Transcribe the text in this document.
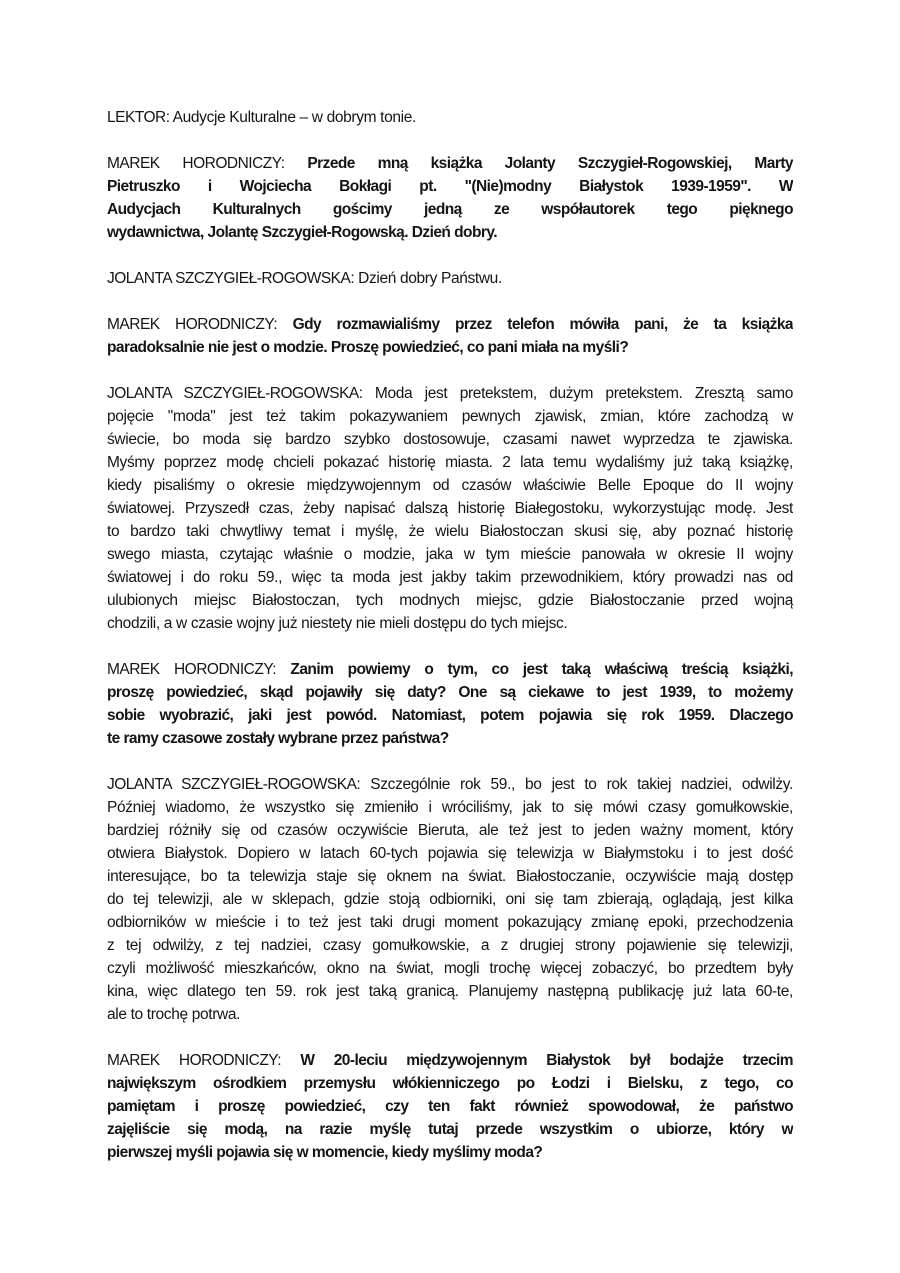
LEKTOR: Audycje Kulturalne – w dobrym tonie.
MAREK HORODNICZY: Przede mną książka Jolanty Szczygieł-Rogowskiej, Marty
Pietruszko i Wojciecha Bokłagi pt. "(Nie)modny Białystok 1939-1959". W
Audycjach Kulturalnych gościmy jedną ze współautorek tego pięknego
wydawnictwa, Jolantę Szczygieł-Rogowską. Dzień dobry.
JOLANTA SZCZYGIEŁ-ROGOWSKA: Dzień dobry Państwu.
MAREK HORODNICZY: Gdy rozmawialiśmy przez telefon mówiła pani, że ta książka
paradoksalnie nie jest o modzie. Proszę powiedzieć, co pani miała na myśli?
JOLANTA SZCZYGIEŁ-ROGOWSKA: Moda jest pretekstem, dużym pretekstem. Zresztą samo
pojęcie "moda" jest też takim pokazywaniem pewnych zjawisk, zmian, które zachodzą w
świecie, bo moda się bardzo szybko dostosowuje, czasami nawet wyprzedza te zjawiska.
Myśmy poprzez modę chcieli pokazać historię miasta. 2 lata temu wydaliśmy już taką książkę,
kiedy pisaliśmy o okresie międzywojennym od czasów właściwie Belle Epoque do II wojny
światowej. Przyszedł czas, żeby napisać dalszą historię Białegostoku, wykorzystując modę. Jest
to bardzo taki chwytliwy temat i myślę, że wielu Białostoczan skusi się, aby poznać historię
swego miasta, czytając właśnie o modzie, jaka w tym mieście panowała w okresie II wojny
światowej i do roku 59., więc ta moda jest jakby takim przewodnikiem, który prowadzi nas od
ulubionych miejsc Białostoczan, tych modnych miejsc, gdzie Białostoczanie przed wojną
chodzili, a w czasie wojny już niestety nie mieli dostępu do tych miejsc.
MAREK HORODNICZY: Zanim powiemy o tym, co jest taką właściwą treścią książki,
proszę powiedzieć, skąd pojawiły się daty? One są ciekawe to jest 1939, to możemy
sobie wyobrazić, jaki jest powód. Natomiast, potem pojawia się rok 1959. Dlaczego
te ramy czasowe zostały wybrane przez państwa?
JOLANTA SZCZYGIEŁ-ROGOWSKA: Szczególnie rok 59., bo jest to rok takiej nadziei, odwilży.
Później wiadomo, że wszystko się zmieniło i wróciliśmy, jak to się mówi czasy gomułkowskie,
bardziej różniły się od czasów oczywiście Bieruta, ale też jest to jeden ważny moment, który
otwiera Białystok. Dopiero w latach 60-tych pojawia się telewizja w Białymstoku i to jest dość
interesujące, bo ta telewizja staje się oknem na świat. Białostoczanie, oczywiście mają dostęp
do tej telewizji, ale w sklepach, gdzie stoją odbiorniki, oni się tam zbierają, oglądają, jest kilka
odbiorników w mieście i to też jest taki drugi moment pokazujący zmianę epoki, przechodzenia
z tej odwilży, z tej nadziei, czasy gomułkowskie, a z drugiej strony pojawienie się telewizji,
czyli możliwość mieszkańców, okno na świat, mogli trochę więcej zobaczyć, bo przedtem były
kina, więc dlatego ten 59. rok jest taką granicą. Planujemy następną publikację już lata 60-te,
ale to trochę potrwa.
MAREK HORODNICZY: W 20-leciu międzywojennym Białystok był bodajże trzecim
największym ośrodkiem przemysłu włókienniczego po Łodzi i Bielsku, z tego, co
pamiętam i proszę powiedzieć, czy ten fakt również spowodował, że państwo
zajęliście się modą, na razie myślę tutaj przede wszystkim o ubiorze, który w
pierwszej myśli pojawia się w momencie, kiedy myślimy moda?
